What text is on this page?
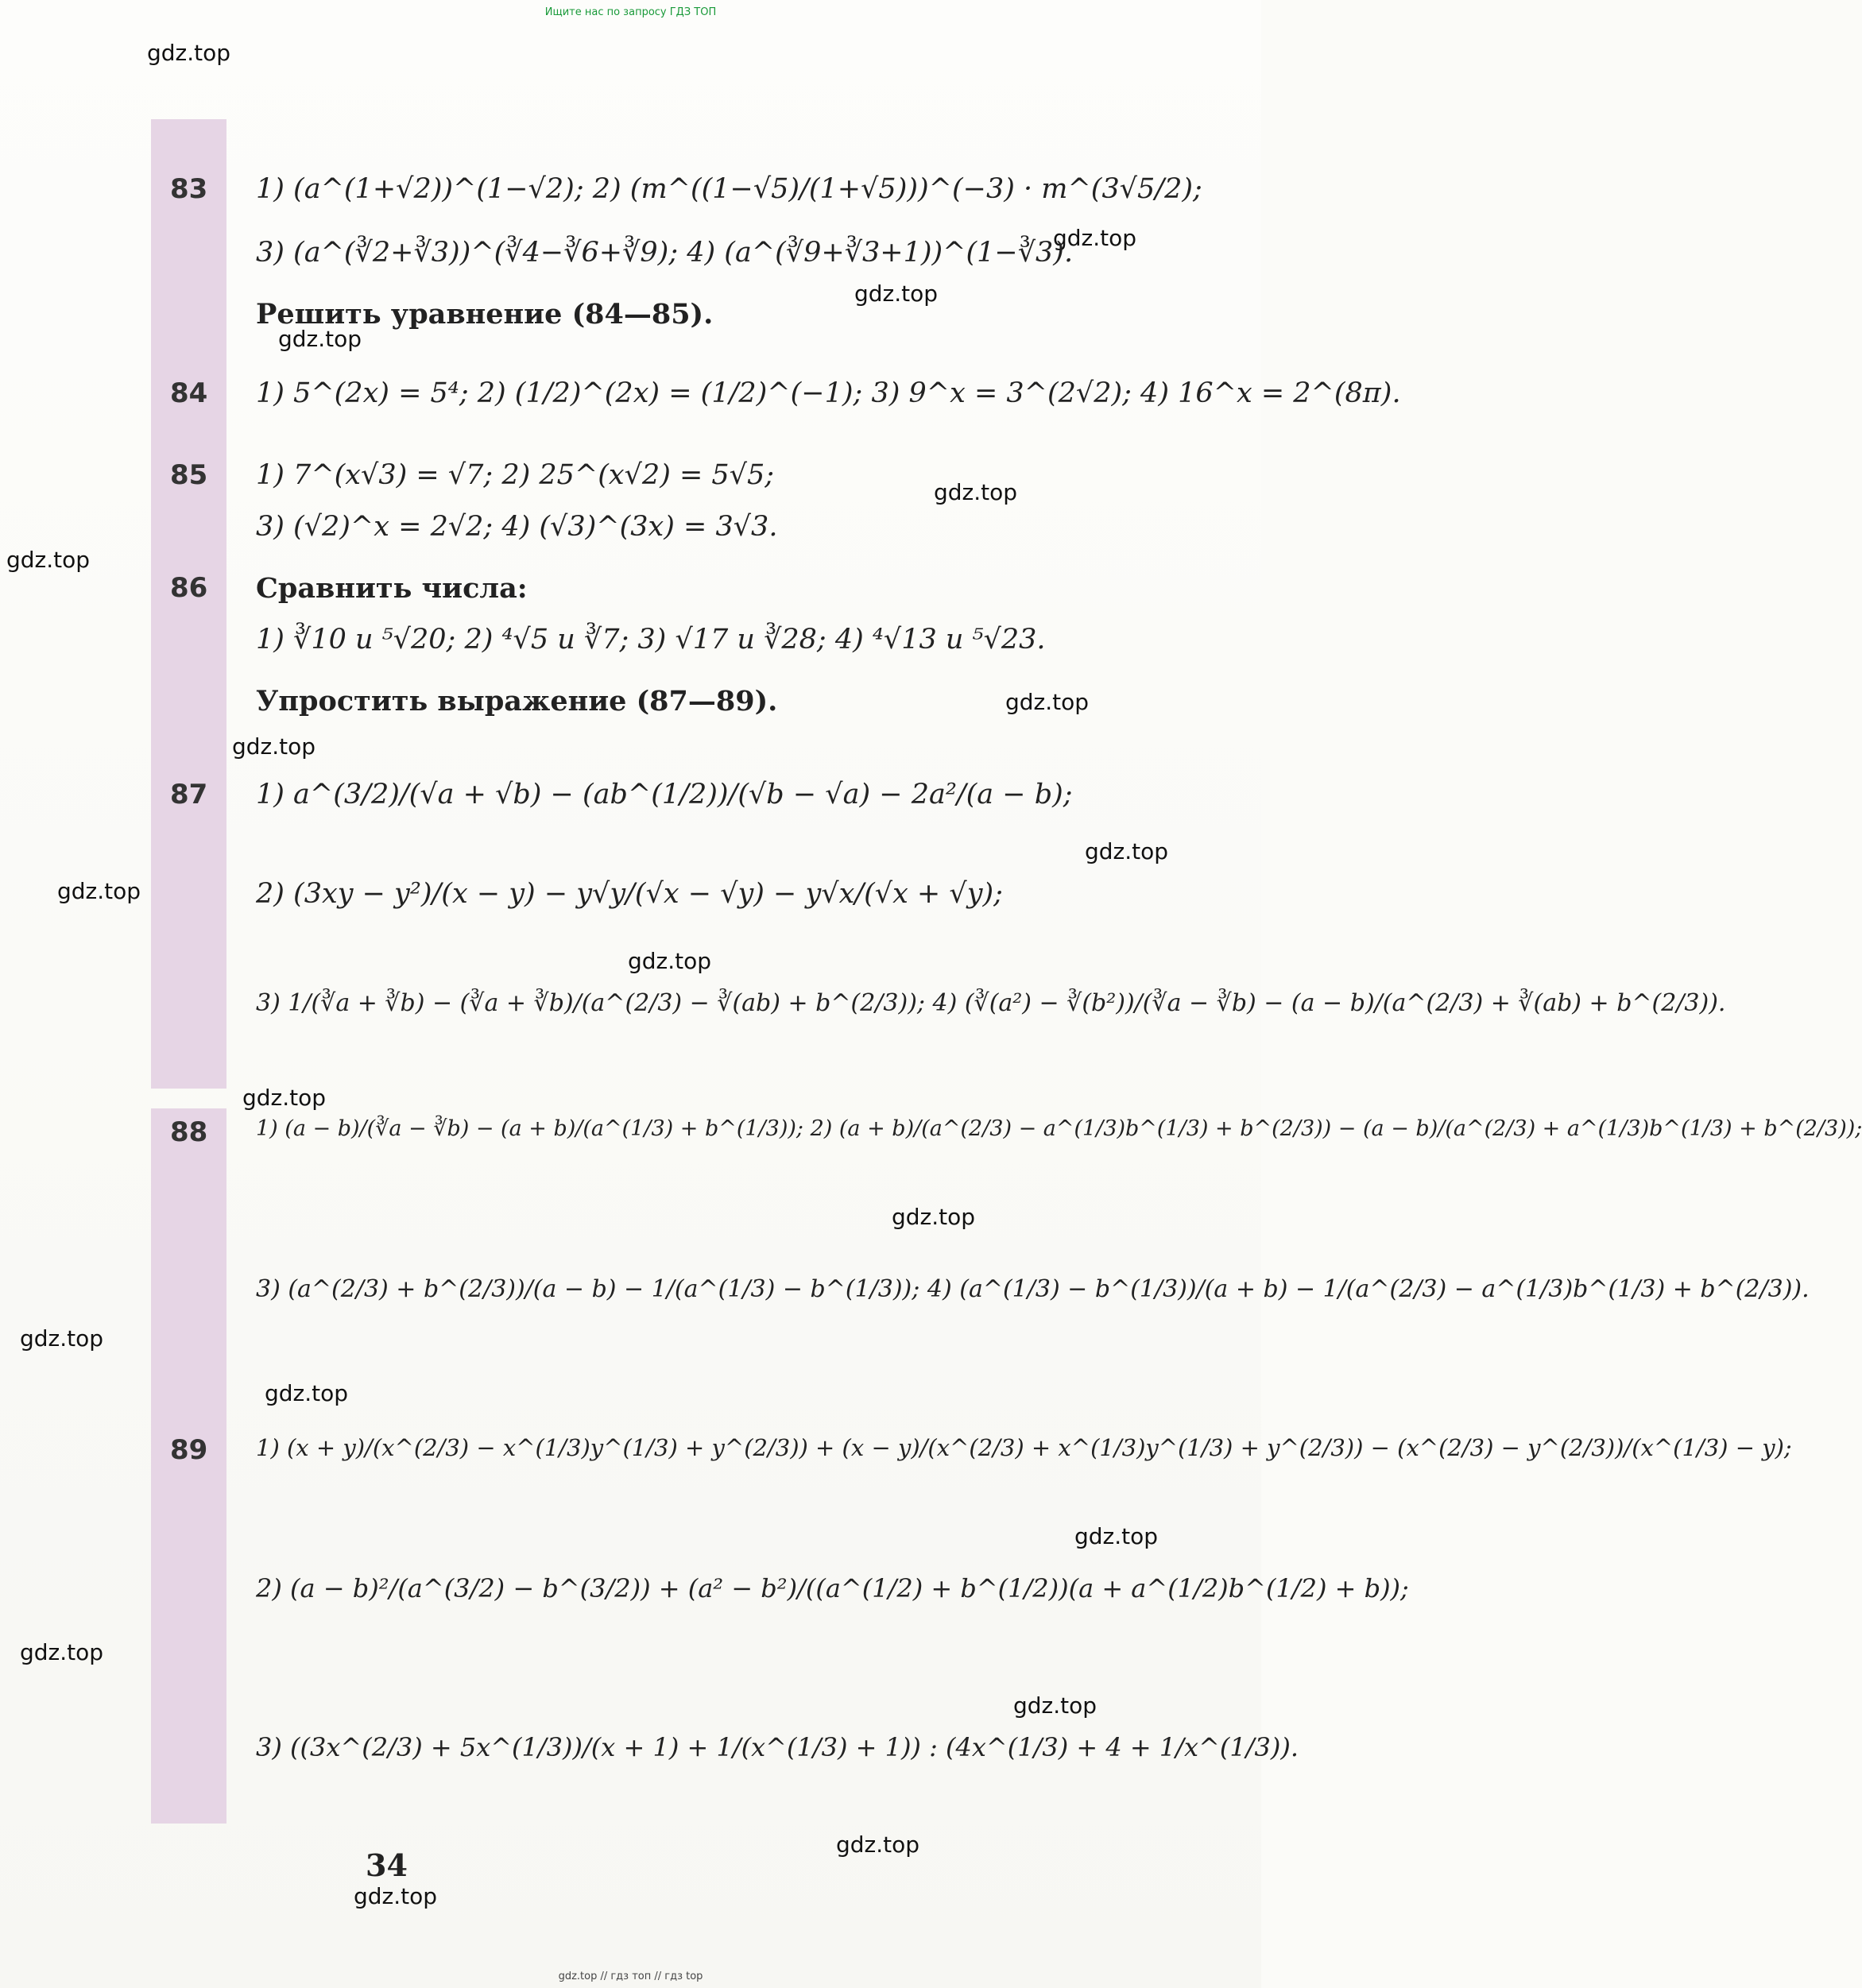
Ищите нас по запросу ГДЗ ТОП
gdz.top
gdz.top
gdz.top
gdz.top
gdz.top
gdz.top
gdz.top
gdz.top
gdz.top
gdz.top
gdz.top
gdz.top
gdz.top
gdz.top
gdz.top
gdz.top
gdz.top
gdz.top
gdz.top
gdz.top
83 1) (a^(1+√2))^(1−√2); 2) (m^((1−√5)/(1+√5)))^(−3) · m^(3√5/2);
3) (a^(∛2+∛3))^(∛4−∛6+∛9); 4) (a^(∛9+∛3+1))^(1−∛3).
Решить уравнение (84—85).
84 1) 5^(2x) = 5⁴; 2) (1/2)^(2x) = (1/2)^(−1); 3) 9^x = 3^(2√2); 4) 16^x = 2^(8π).
85 1) 7^(x√3) = √7; 2) 25^(x√2) = 5√5;
3) (√2)^x = 2√2; 4) (√3)^(3x) = 3√3.
86 Сравнить числа:
1) ∛10 и ⁵√20; 2) ⁴√5 и ∛7; 3) √17 и ∛28; 4) ⁴√13 и ⁵√23.
Упростить выражение (87—89).
87 1) a^(3/2)/(√a + √b) − (ab^(1/2))/(√b − √a) − 2a²/(a − b);
2) (3xy − y²)/(x − y) − y√y/(√x − √y) − y√x/(√x + √y);
3) 1/(∛a + ∛b) − (∛a + ∛b)/(a^(2/3) − ∛(ab) + b^(2/3)); 4) (∛(a²) − ∛(b²))/(∛a − ∛b) − (a − b)/(a^(2/3) + ∛(ab) + b^(2/3)).
88 1) (a − b)/(∛a − ∛b) − (a + b)/(a^(1/3) + b^(1/3)); 2) (a + b)/(a^(2/3) − a^(1/3)b^(1/3) + b^(2/3)) − (a − b)/(a^(2/3) + a^(1/3)b^(1/3) + b^(2/3));
3) (a^(2/3) + b^(2/3))/(a − b) − 1/(a^(1/3) − b^(1/3)); 4) (a^(1/3) − b^(1/3))/(a + b) − 1/(a^(2/3) − a^(1/3)b^(1/3) + b^(2/3)).
89 1) (x + y)/(x^(2/3) − x^(1/3)y^(1/3) + y^(2/3)) + (x − y)/(x^(2/3) + x^(1/3)y^(1/3) + y^(2/3)) − (x^(2/3) − y^(2/3))/(x^(1/3) − y);
2) (a − b)²/(a^(3/2) − b^(3/2)) + (a² − b²)/((a^(1/2) + b^(1/2))(a + a^(1/2)b^(1/2) + b));
3) ((3x^(2/3) + 5x^(1/3))/(x + 1) + 1/(x^(1/3) + 1)) : (4x^(1/3) + 4 + 1/x^(1/3)).
34
gdz.top // гдз топ // гдз top
